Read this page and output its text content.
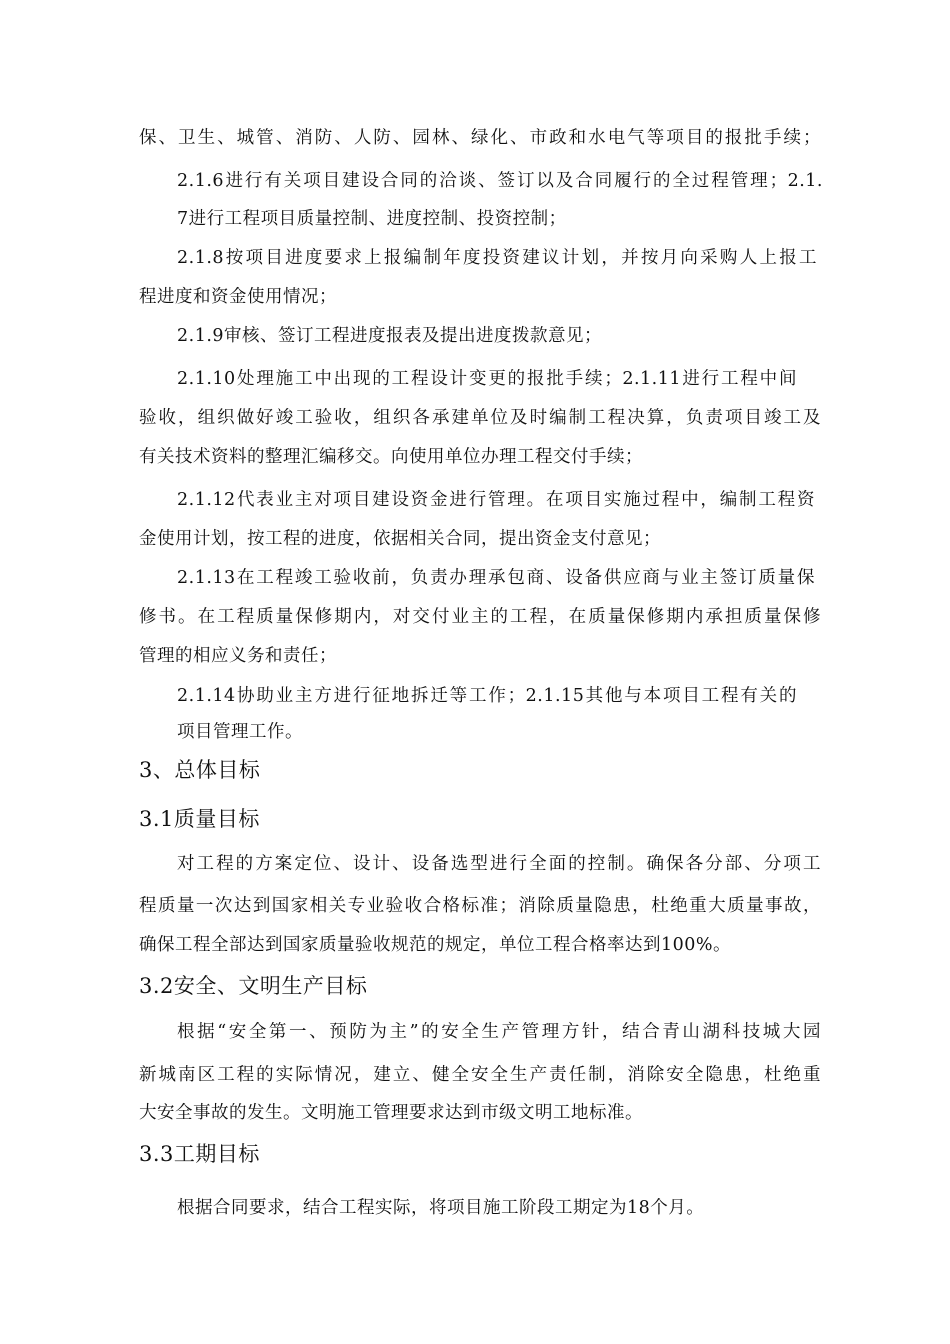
保、卫生、城管、消防、人防、园林、绿化、市政和水电气等项目的报批手续；
2.1.6进行有关项目建设合同的洽谈、签订以及合同履行的全过程管理；2.1.
7进行工程项目质量控制、进度控制、投资控制；
2.1.8按项目进度要求上报编制年度投资建议计划，并按月向采购人上报工
程进度和资金使用情况；
2.1.9审核、签订工程进度报表及提出进度拨款意见；
2.1.10处理施工中出现的工程设计变更的报批手续；2.1.11进行工程中间
验收，组织做好竣工验收，组织各承建单位及时编制工程决算，负责项目竣工及
有关技术资料的整理汇编移交。向使用单位办理工程交付手续；
2.1.12代表业主对项目建设资金进行管理。在项目实施过程中，编制工程资
金使用计划，按工程的进度，依据相关合同，提出资金支付意见；
2.1.13在工程竣工验收前，负责办理承包商、设备供应商与业主签订质量保
修书。在工程质量保修期内，对交付业主的工程，在质量保修期内承担质量保修
管理的相应义务和责任；
2.1.14协助业主方进行征地拆迁等工作；2.1.15其他与本项目工程有关的
项目管理工作。
3、总体目标
3.1质量目标
对工程的方案定位、设计、设备选型进行全面的控制。确保各分部、分项工
程质量一次达到国家相关专业验收合格标准；消除质量隐患，杜绝重大质量事故，
确保工程全部达到国家质量验收规范的规定，单位工程合格率达到100%。
3.2安全、文明生产目标
根据“安全第一、预防为主”的安全生产管理方针，结合青山湖科技城大园
新城南区工程的实际情况，建立、健全安全生产责任制，消除安全隐患，杜绝重
大安全事故的发生。文明施工管理要求达到市级文明工地标准。
3.3工期目标
根据合同要求，结合工程实际，将项目施工阶段工期定为18个月。
